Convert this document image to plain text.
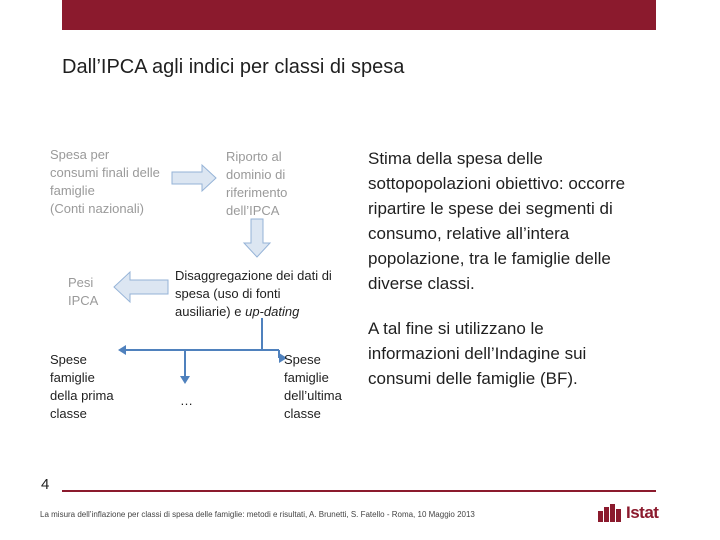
Dall’IPCA agli indici per classi di spesa
Spesa per
consumi finali delle
famiglie
(Conti nazionali)
Riporto al
dominio di
riferimento
dell’IPCA
Pesi
IPCA
Disaggregazione dei dati di
spesa (uso di fonti
ausiliarie) e up-dating
Spese
famiglie
della prima
classe
…
Spese
famiglie
dell’ultima
classe
Stima della spesa delle sottopopolazioni obiettivo: occorre ripartire le spese dei segmenti di consumo, relative all’intera popolazione, tra le famiglie delle diverse classi.
A tal fine si utilizzano le informazioni dell’Indagine sui consumi delle famiglie (BF).
4
La misura dell’inflazione per classi di spesa delle famiglie: metodi e risultati, A. Brunetti, S. Fatello - Roma, 10 Maggio 2013	Istat
